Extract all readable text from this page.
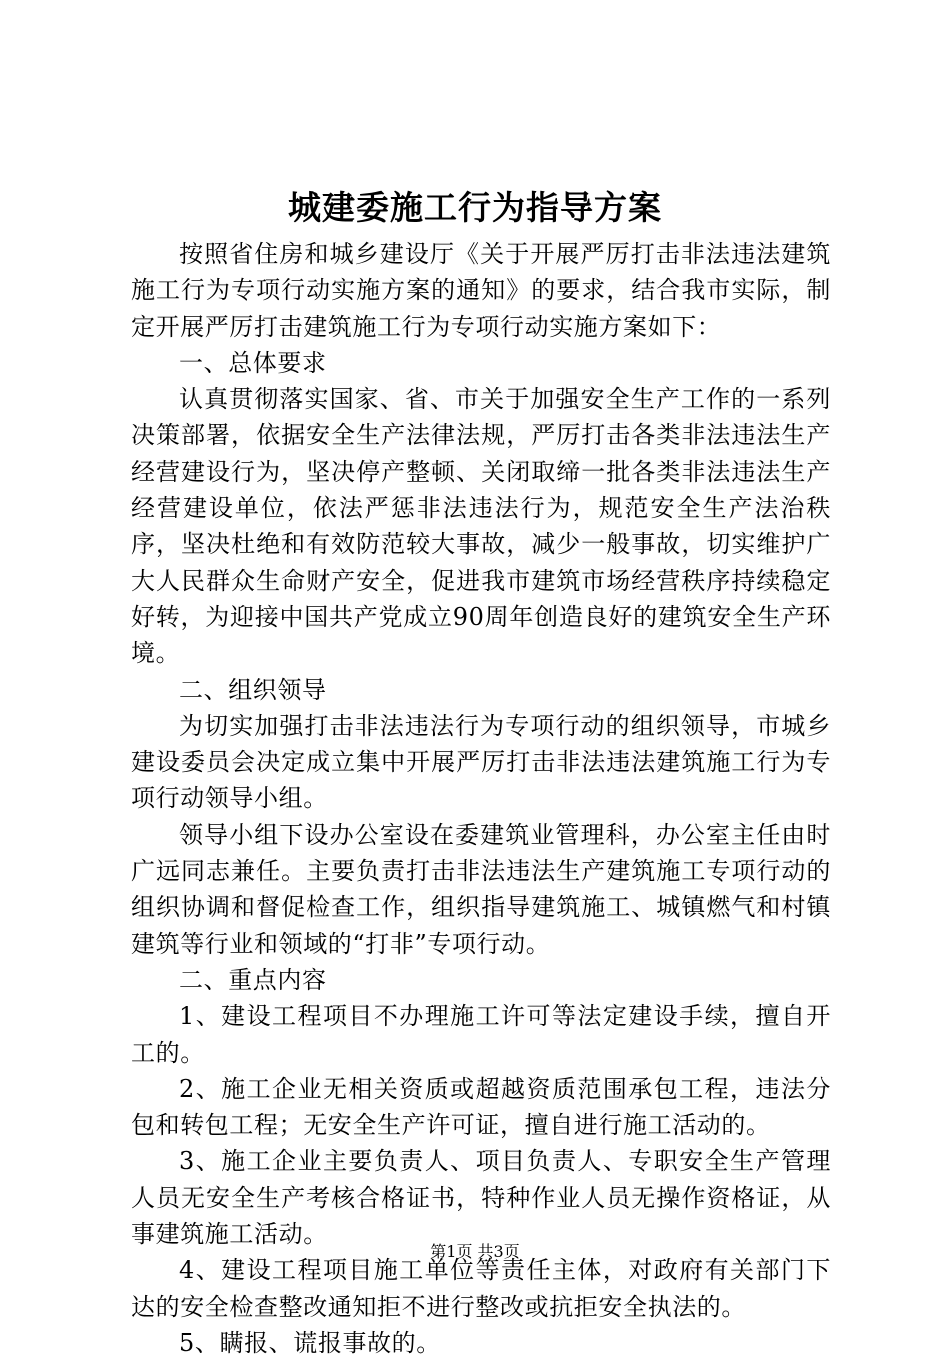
城建委施工行为指导方案

按照省住房和城乡建设厅《关于开展严厉打击非法违法建筑施工行为专项行动实施方案的通知》的要求，结合我市实际，制定开展严厉打击建筑施工行为专项行动实施方案如下：

一、总体要求

认真贯彻落实国家、省、市关于加强安全生产工作的一系列决策部署，依据安全生产法律法规，严厉打击各类非法违法生产经营建设行为，坚决停产整顿、关闭取缔一批各类非法违法生产经营建设单位，依法严惩非法违法行为，规范安全生产法治秩序，坚决杜绝和有效防范较大事故，减少一般事故，切实维护广大人民群众生命财产安全，促进我市建筑市场经营秩序持续稳定好转，为迎接中国共产党成立90周年创造良好的建筑安全生产环境。

二、组织领导

为切实加强打击非法违法行为专项行动的组织领导，市城乡建设委员会决定成立集中开展严厉打击非法违法建筑施工行为专项行动领导小组。

领导小组下设办公室设在委建筑业管理科，办公室主任由时广远同志兼任。主要负责打击非法违法生产建筑施工专项行动的组织协调和督促检查工作，组织指导建筑施工、城镇燃气和村镇建筑等行业和领域的“打非”专项行动。

二、重点内容

1、建设工程项目不办理施工许可等法定建设手续，擅自开工的。

2、施工企业无相关资质或超越资质范围承包工程，违法分包和转包工程；无安全生产许可证，擅自进行施工活动的。

3、施工企业主要负责人、项目负责人、专职安全生产管理人员无安全生产考核合格证书，特种作业人员无操作资格证，从事建筑施工活动。

4、建设工程项目施工单位等责任主体，对政府有关部门下达的安全检查整改通知拒不进行整改或抗拒安全执法的。

5、瞒报、谎报事故的。

第1页 共3页
